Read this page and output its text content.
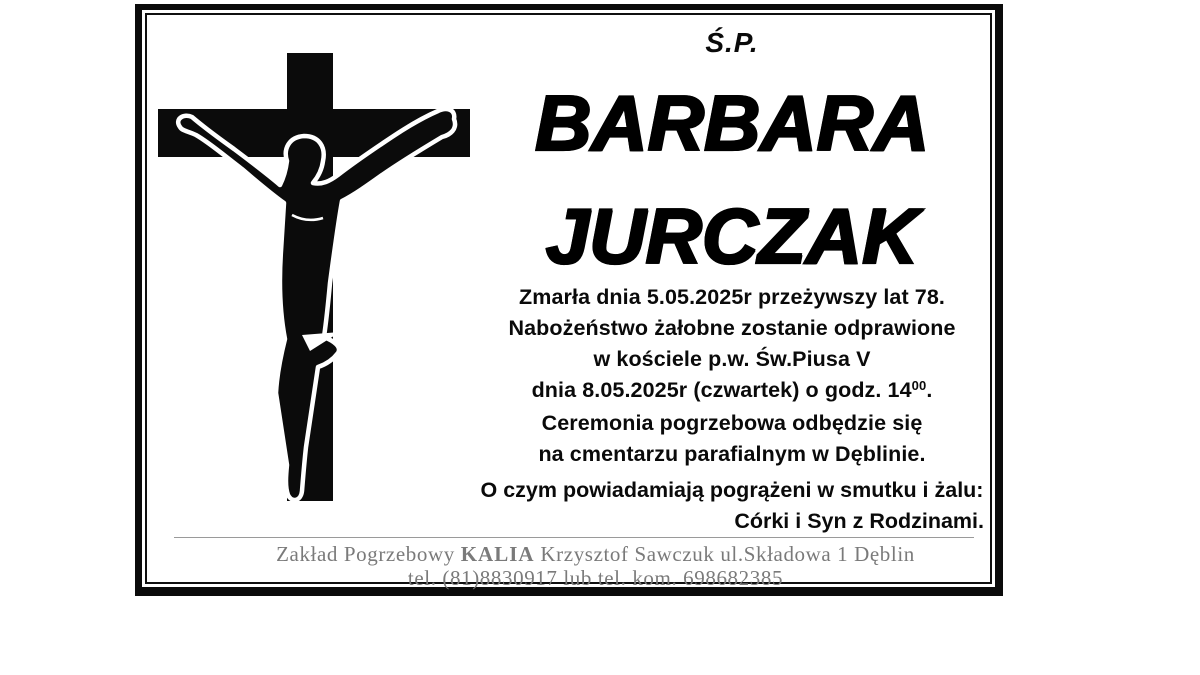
Ś.P.
BARBARA
JURCZAK
Zmarła dnia 5.05.2025r przeżywszy lat 78.
Nabożeństwo żałobne zostanie odprawione
w kościele p.w. Św.Piusa V
dnia 8.05.2025r (czwartek) o godz. $14^{00}$.
Ceremonia pogrzebowa odbędzie się
na cmentarzu parafialnym w Dęblinie.
O czym powiadamiają pogrążeni w smutku i żalu:
Córki i Syn z Rodzinami.
Zakład Pogrzebowy KALIA Krzysztof Sawczuk ul.Składowa 1 Dęblin
tel. (81)8830917 lub tel. kom. 698682385
